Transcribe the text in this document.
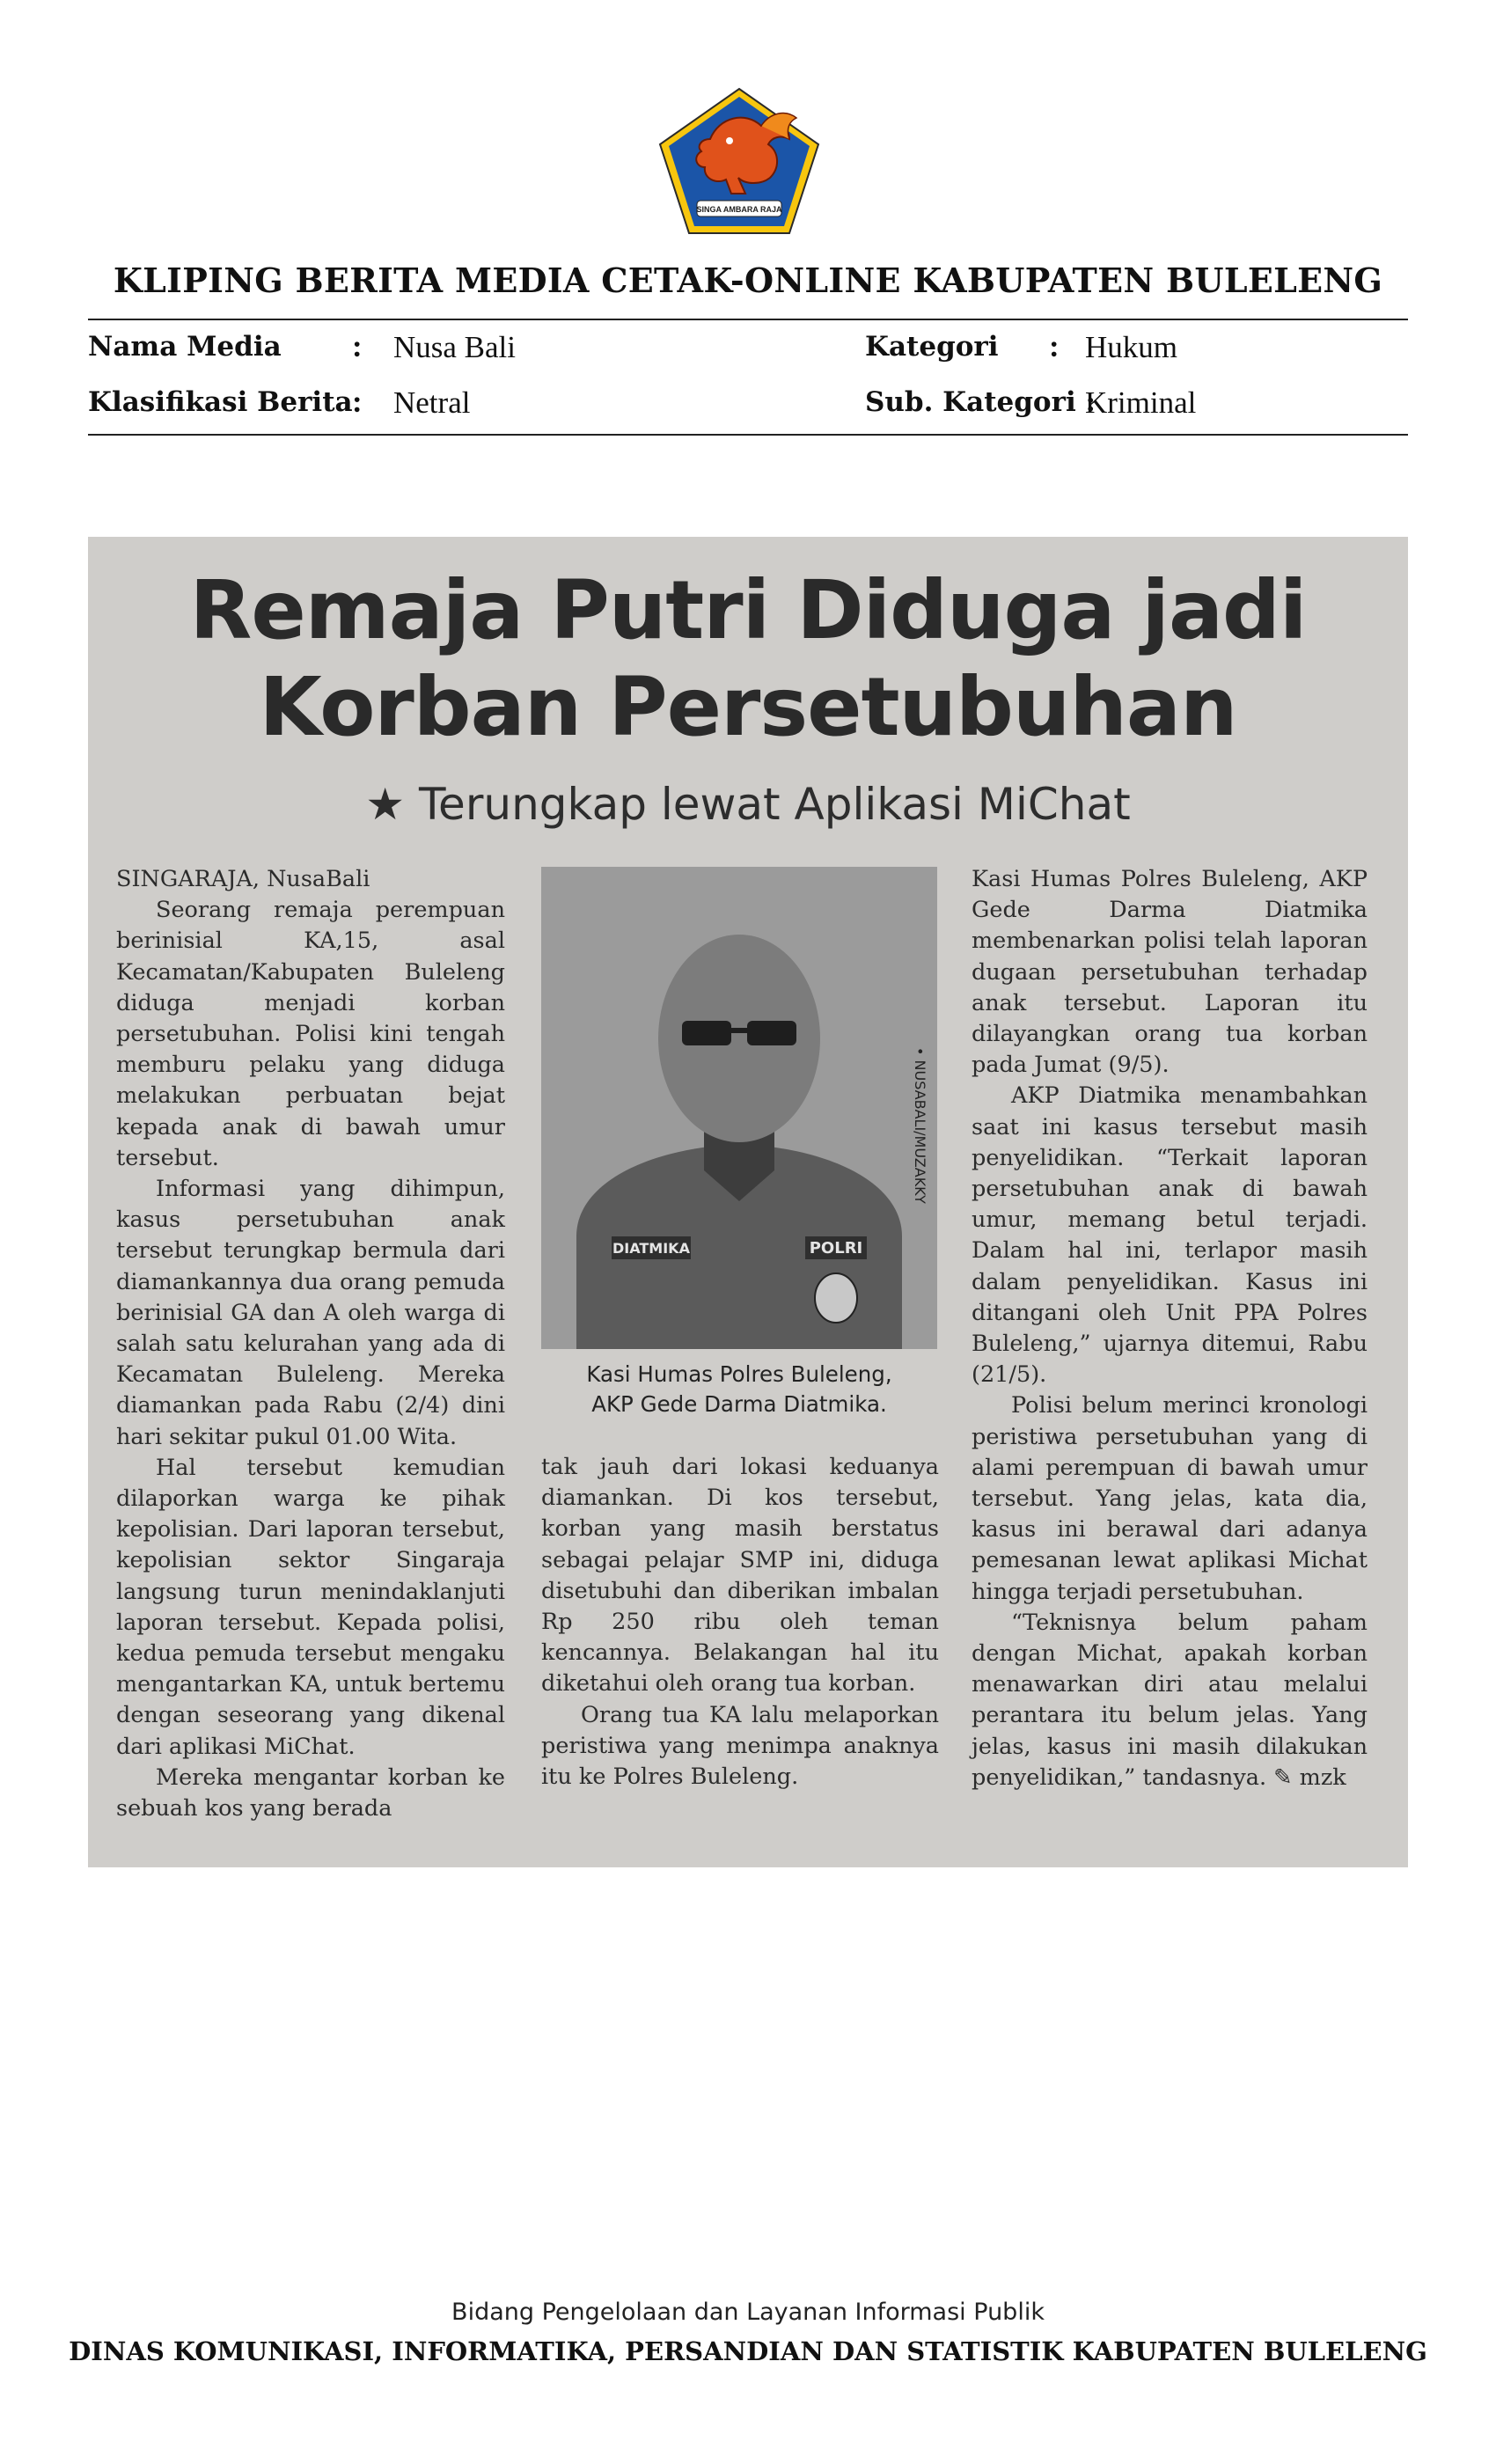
SINGA AMBARA RAJA
KLIPING BERITA MEDIA CETAK-ONLINE KABUPATEN BULELENG
Nama Media : Nusa Bali	Kategori : Hukum
Klasifikasi Berita : Netral	Sub. Kategori :
Kriminal
Remaja Putri Diduga jadi
Korban Persetubuhan
★ Terungkap lewat Aplikasi MiChat

SINGARAJA, NusaBali

Seorang remaja perempuan berinisial KA,15, asal Kecamatan/Kabupaten Buleleng diduga menjadi korban persetubuhan. Polisi kini tengah memburu pelaku yang diduga melakukan perbuatan bejat kepada anak di bawah umur tersebut.

Informasi yang dihimpun, kasus persetubuhan anak tersebut terungkap bermula dari diamankannya dua orang pemuda berinisial GA dan A oleh warga di salah satu kelurahan yang ada di Kecamatan Buleleng. Mereka diamankan pada Rabu (2/4) dini hari sekitar pukul 01.00 Wita.

Hal tersebut kemudian dilaporkan warga ke pihak kepolisian. Dari laporan tersebut, kepolisian sektor Singaraja langsung turun menindaklanjuti laporan tersebut. Kepada polisi, kedua pemuda tersebut mengaku mengantarkan KA, untuk bertemu dengan seseorang yang dikenal dari aplikasi MiChat.

Mereka mengantar korban ke sebuah kos yang berada

POLRI
DIATMIKA
• NUSABALI/MUZAKKY
Kasi Humas Polres Buleleng,
AKP Gede Darma Diatmika.

tak jauh dari lokasi keduanya diamankan. Di kos tersebut, korban yang masih berstatus sebagai pelajar SMP ini, diduga disetubuhi dan diberikan imbalan Rp 250 ribu oleh teman kencannya. Belakangan hal itu diketahui oleh orang tua korban.

Orang tua KA lalu melaporkan peristiwa yang menimpa anaknya itu ke Polres Buleleng.

Kasi Humas Polres Buleleng, AKP Gede Darma Diatmika membenarkan polisi telah laporan dugaan persetubuhan terhadap anak tersebut. Laporan itu dilayangkan orang tua korban pada Jumat (9/5).

AKP Diatmika menambahkan saat ini kasus tersebut masih penyelidikan. “Terkait laporan persetubuhan anak di bawah umur, memang betul terjadi. Dalam hal ini, terlapor masih dalam penyelidikan. Kasus ini ditangani oleh Unit PPA Polres Buleleng,” ujarnya ditemui, Rabu (21/5).

Polisi belum merinci kronologi peristiwa persetubuhan yang di alami perempuan di bawah umur tersebut. Yang jelas, kata dia, kasus ini berawal dari adanya pemesanan lewat aplikasi Michat hingga terjadi persetubuhan.

“Teknisnya belum paham dengan Michat, apakah korban menawarkan diri atau melalui perantara itu belum jelas. Yang jelas, kasus ini masih dilakukan penyelidikan,” tandasnya. ✎ mzk

Bidang Pengelolaan dan Layanan Informasi Publik
DINAS KOMUNIKASI, INFORMATIKA, PERSANDIAN DAN STATISTIK KABUPATEN BULELENG
